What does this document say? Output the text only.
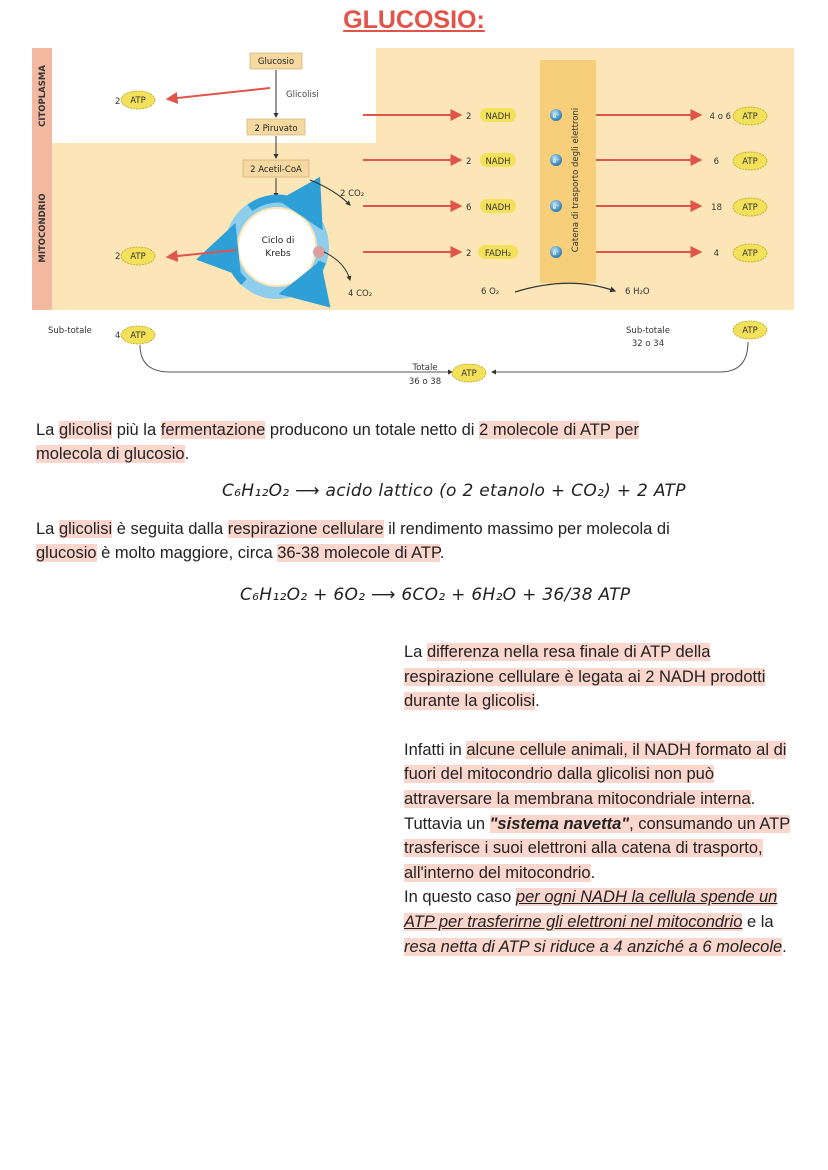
GLUCOSIO:
CITOPLASMA
MITOCONDRIO
Glucosio
Glicolisi
2 Piruvato
2 Acetil-CoA
Ciclo di
Krebs
4 CO₂
2 CO₂
2 ATP
2 ATP
2 NADH	e⁻	4 o 6 ATP
2 NADH	e⁻	6	ATP
6 NADH	e⁻	18 ATP
2 FADH₂	e⁻	4	ATP
Catena di trasporto degli elettroni
6 O₂	6 H₂O
Sub-totale	4 ATP	Sub-totale
32 o 34
ATP
Totale
36 o 38
ATP
La glicolisi più la fermentazione producono un totale netto di 2 molecole di ATP per
molecola di glucosio.
C₆H₁₂O₂ ⟶ acido lattico (o 2 etanolo + CO₂) + 2 ATP
La glicolisi è seguita dalla respirazione cellulare il rendimento massimo per molecola di
glucosio è molto maggiore, circa 36-38 molecole di ATP.
C₆H₁₂O₂ + 6O₂ ⟶ 6CO₂ + 6H₂O + 36/38 ATP

La differenza nella resa finale di ATP della respirazione cellulare è legata ai 2 NADH prodotti durante la glicolisi.

Infatti in alcune cellule animali, il NADH formato al di fuori del mitocondrio dalla glicolisi non può attraversare la membrana mitocondriale interna.

Tuttavia un "sistema navetta", consumando un ATP trasferisce i suoi elettroni alla catena di trasporto, all'interno del mitocondrio.

In questo caso per ogni NADH la cellula spende un ATP per trasferirne gli elettroni nel mitocondrio e la resa netta di ATP si riduce a 4 anziché a 6 molecole.
